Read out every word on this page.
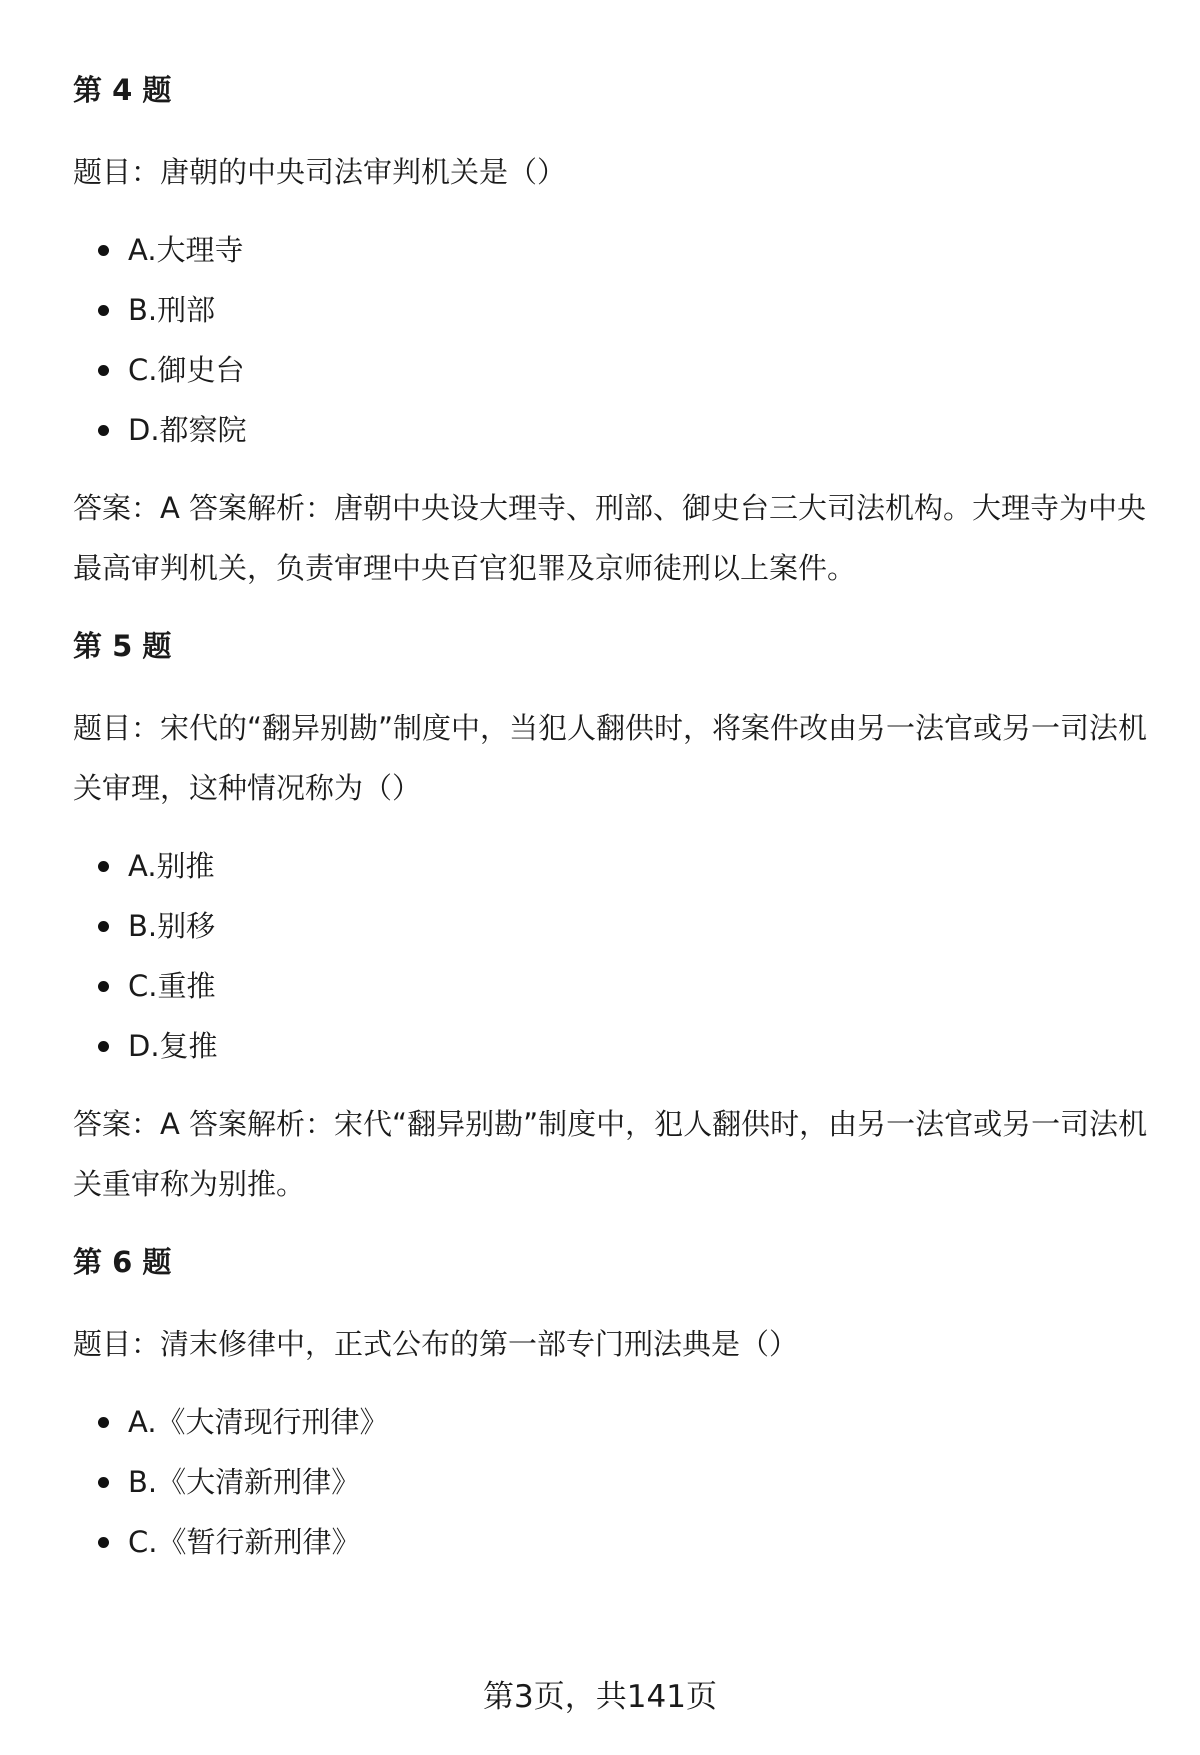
第 4 题

题目：唐朝的中央司法审判机关是（）

A.大理寺
B.刑部
C.御史台
D.都察院

答案：A 答案解析：唐朝中央设大理寺、刑部、御史台三大司法机构。大理寺为中央最高审判机关，负责审理中央百官犯罪及京师徒刑以上案件。

第 5 题

题目：宋代的“翻异别勘”制度中，当犯人翻供时，将案件改由另一法官或另一司法机关审理，这种情况称为（）

A.别推
B.别移
C.重推
D.复推

答案：A 答案解析：宋代“翻异别勘”制度中，犯人翻供时，由另一法官或另一司法机关重审称为别推。

第 6 题

题目：清末修律中，正式公布的第一部专门刑法典是（）

A.《大清现行刑律》
B.《大清新刑律》
C.《暂行新刑律》
第3页，共141页
